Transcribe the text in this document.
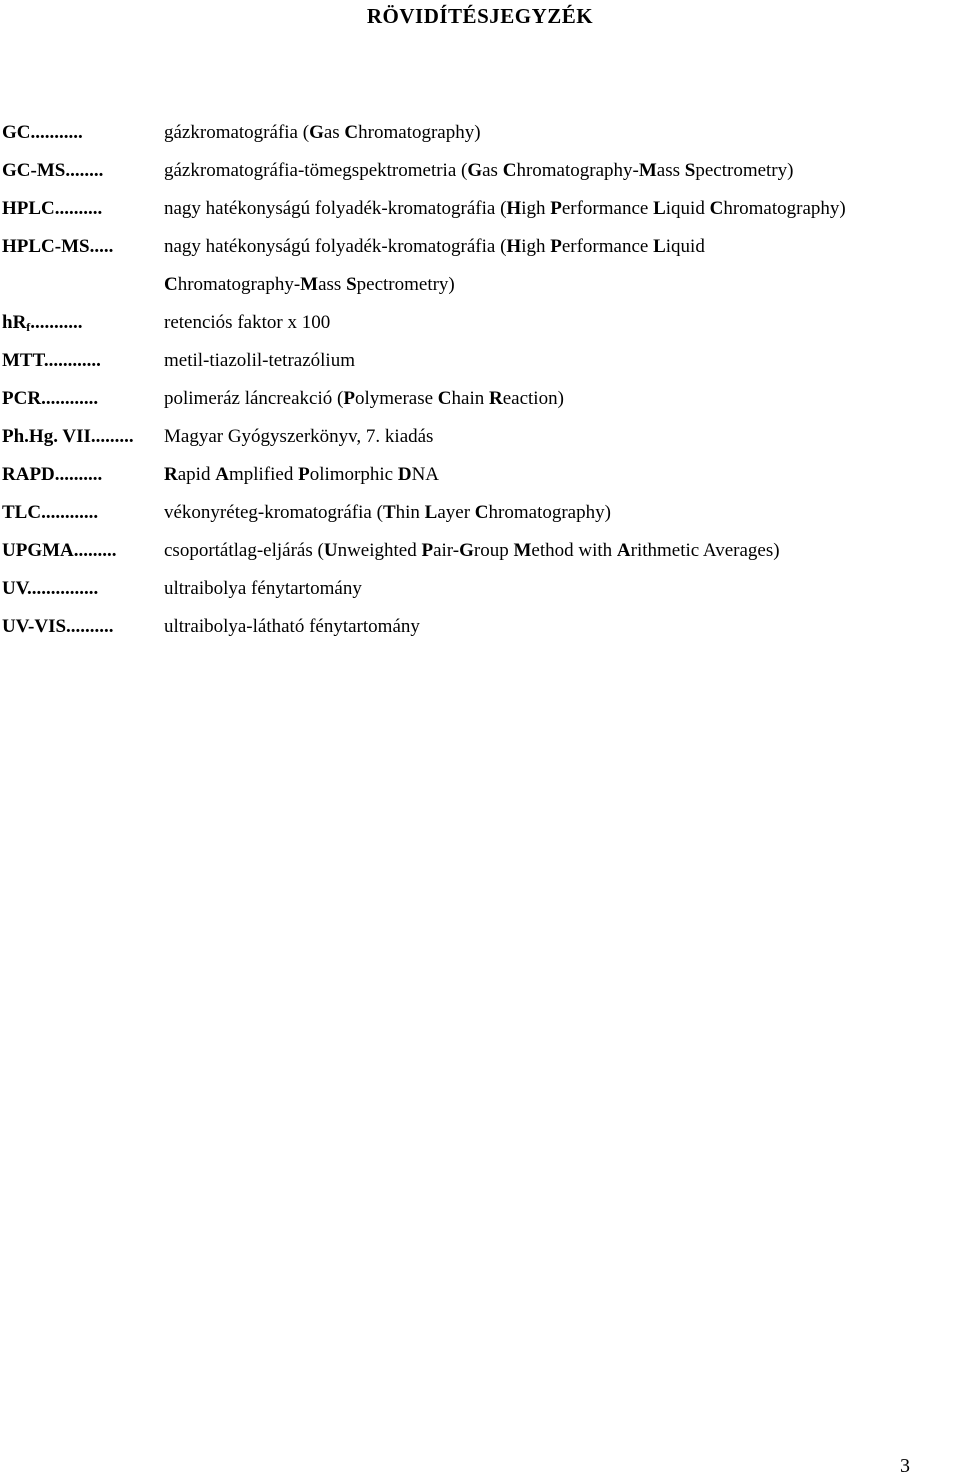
RÖVIDÍTÉSJEGYZÉK
GC...........	gázkromatográfia (Gas Chromatography)
GC-MS........	gázkromatográfia-tömegspektrometria (Gas Chromatography-Mass Spectrometry)
HPLC..........	nagy hatékonyságú folyadék-kromatográfia (High Performance Liquid Chromatography)
HPLC-MS.....	nagy hatékonyságú folyadék-kromatográfia (High Performance Liquid
Chromatography-Mass Spectrometry)
$hR_f$...........	retenciós faktor x 100
MTT............	metil-tiazolil-tetrazólium
PCR............	polimeráz láncreakció (Polymerase Chain Reaction)
Ph.Hg. VII......... Magyar Gyógyszerkönyv, 7. kiadás
RAPD..........	Rapid Amplified Polimorphic DNA
TLC............	vékonyréteg-kromatográfia (Thin Layer Chromatography)
UPGMA......... csoportátlag-eljárás (Unweighted Pair-Group Method with Arithmetic Averages)
UV...............	ultraibolya fénytartomány
UV-VIS..........	ultraibolya-látható fénytartomány
3
